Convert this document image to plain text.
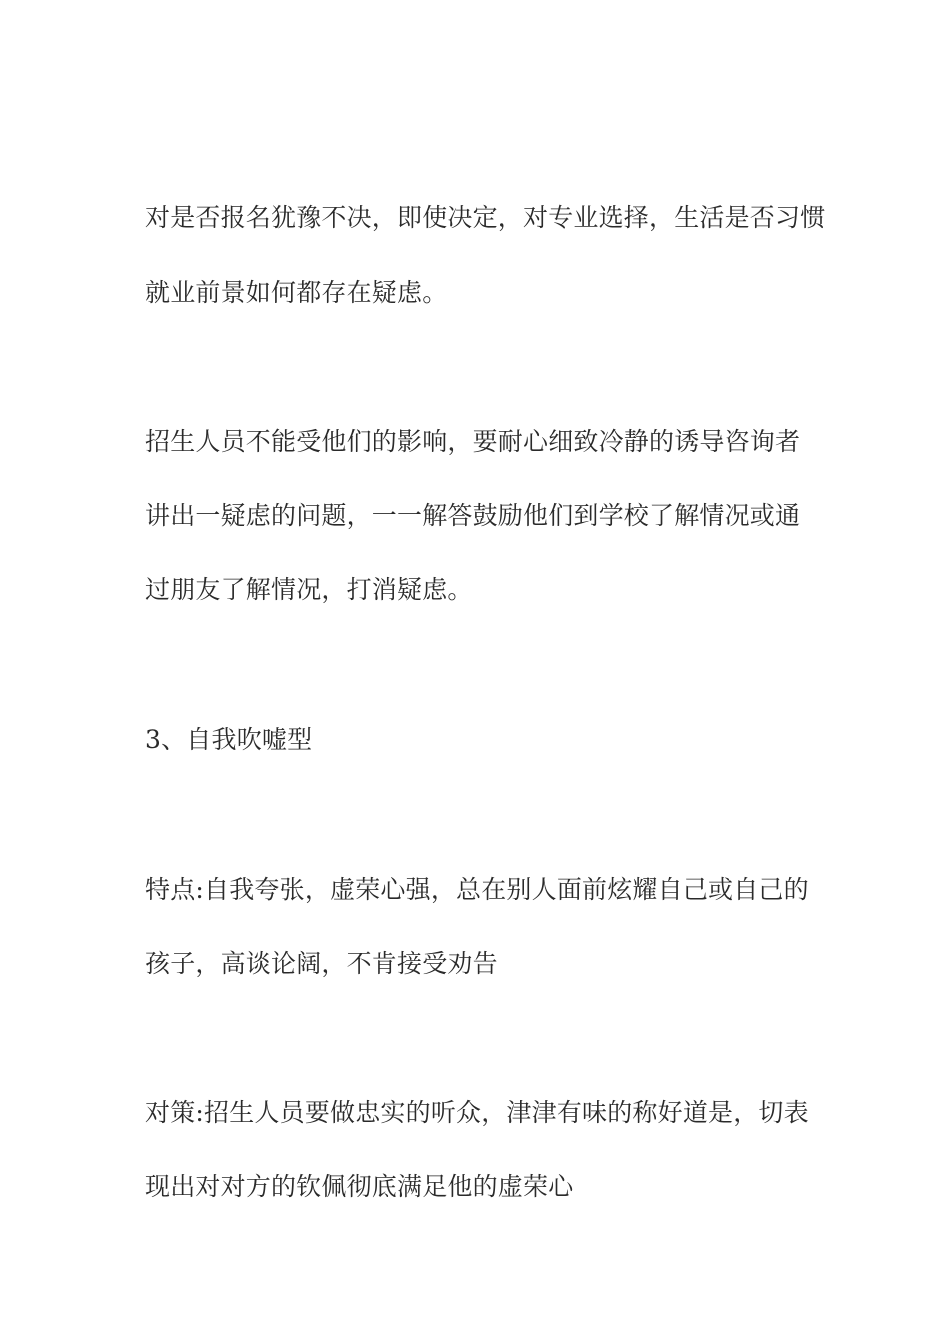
对是否报名犹豫不决，即使决定，对专业选择，生活是否习惯
就业前景如何都存在疑虑。
招生人员不能受他们的影响，要耐心细致冷静的诱导咨询者
讲出一疑虑的问题，一一解答鼓励他们到学校了解情况或通
过朋友了解情况，打消疑虑。
3、自我吹嘘型
特点:自我夸张，虚荣心强，总在别人面前炫耀自己或自己的
孩子，高谈论阔，不肯接受劝告
对策:招生人员要做忠实的听众，津津有味的称好道是，切表
现出对对方的钦佩彻底满足他的虚荣心
